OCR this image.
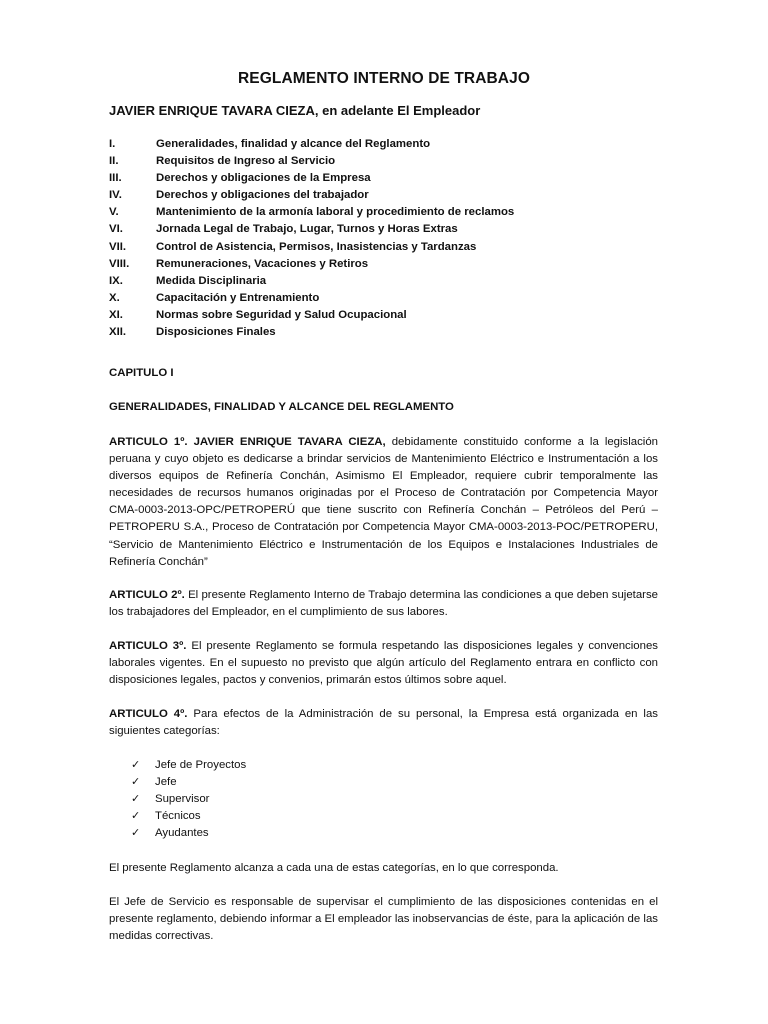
REGLAMENTO INTERNO DE TRABAJO
JAVIER ENRIQUE TAVARA CIEZA, en adelante El Empleador
I.	Generalidades, finalidad y alcance del Reglamento
II.	Requisitos de Ingreso al Servicio
III.	Derechos y obligaciones de la Empresa
IV.	Derechos y obligaciones del trabajador
V.	Mantenimiento de la armonía laboral y procedimiento de reclamos
VI.	Jornada Legal de Trabajo, Lugar, Turnos y Horas Extras
VII.	Control de Asistencia, Permisos, Inasistencias y Tardanzas
VIII.	Remuneraciones, Vacaciones y Retiros
IX.	Medida Disciplinaria
X.	Capacitación y Entrenamiento
XI.	Normas sobre Seguridad y Salud Ocupacional
XII.	Disposiciones Finales
CAPITULO I
GENERALIDADES, FINALIDAD Y ALCANCE DEL REGLAMENTO
ARTICULO 1º. JAVIER ENRIQUE TAVARA CIEZA, debidamente constituido conforme a la legislación peruana y cuyo objeto es dedicarse a brindar servicios de Mantenimiento Eléctrico e Instrumentación a los diversos equipos de Refinería Conchán, Asimismo El Empleador, requiere cubrir temporalmente las necesidades de recursos humanos originadas por el Proceso de Contratación por Competencia Mayor CMA-0003-2013-OPC/PETROPERÚ que tiene suscrito con Refinería Conchán – Petróleos del Perú – PETROPERU S.A., Proceso de Contratación por Competencia Mayor CMA-0003-2013-POC/PETROPERU, “Servicio de Mantenimiento Eléctrico e Instrumentación de los Equipos e Instalaciones Industriales de Refinería Conchán”
ARTICULO 2º. El presente Reglamento Interno de Trabajo determina las condiciones a que deben sujetarse los trabajadores del Empleador, en el cumplimiento de sus labores.
ARTICULO 3º. El presente Reglamento se formula respetando las disposiciones legales y convenciones laborales vigentes. En el supuesto no previsto que algún artículo del Reglamento entrara en conflicto con disposiciones legales, pactos y convenios, primarán estos últimos sobre aquel.
ARTICULO 4º. Para efectos de la Administración de su personal, la Empresa está organizada en las siguientes categorías:
✓	Jefe de Proyectos
✓	Jefe
✓	Supervisor
✓	Técnicos
✓	Ayudantes
El presente Reglamento alcanza a cada una de estas categorías, en lo que corresponda.
El Jefe de Servicio es responsable de supervisar el cumplimiento de las disposiciones contenidas en el presente reglamento, debiendo informar a El empleador las inobservancias de éste, para la aplicación de las medidas correctivas.
